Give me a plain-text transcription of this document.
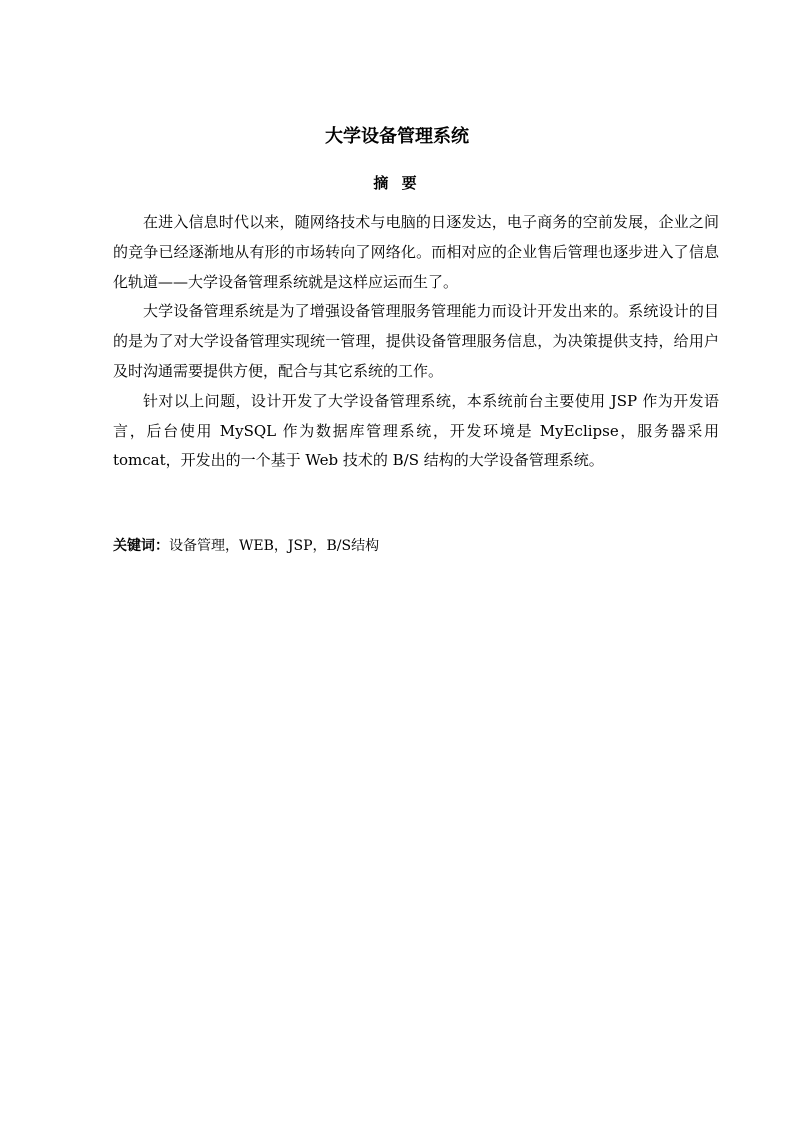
大学设备管理系统
摘 要

在进入信息时代以来，随网络技术与电脑的日逐发达，电子商务的空前发展，企业之间的竞争已经逐渐地从有形的市场转向了网络化。而相对应的企业售后管理也逐步进入了信息化轨道——大学设备管理系统就是这样应运而生了。

大学设备管理系统是为了增强设备管理服务管理能力而设计开发出来的。系统设计的目的是为了对大学设备管理实现统一管理，提供设备管理服务信息，为决策提供支持，给用户及时沟通需要提供方便，配合与其它系统的工作。

针对以上问题，设计开发了大学设备管理系统，本系统前台主要使用 JSP 作为开发语言，后台使用 MySQL 作为数据库管理系统，开发环境是 MyEclipse，服务器采用 tomcat，开发出的一个基于 Web 技术的 B/S 结构的大学设备管理系统。

关键词：设备管理，WEB，JSP，B/S结构
